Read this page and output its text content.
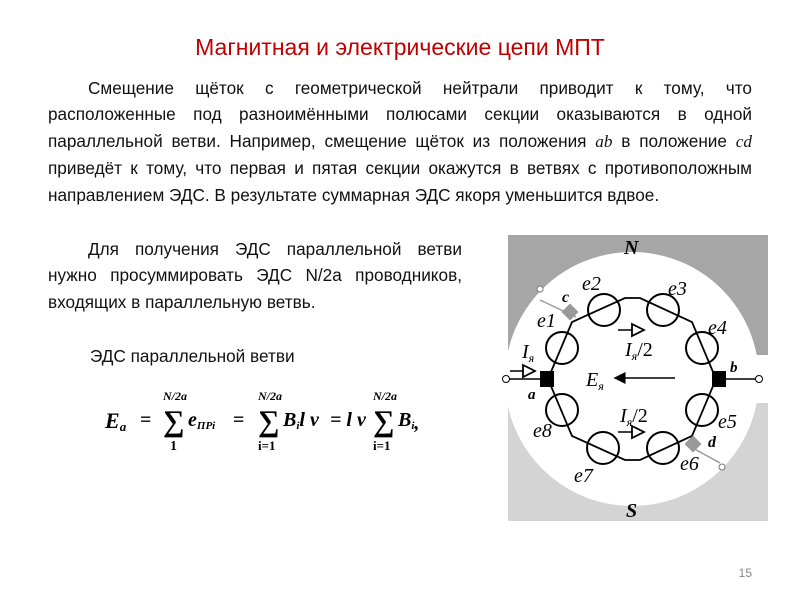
Магнитная и электрические цепи МПТ
Смещение щёток с геометрической нейтрали приводит к тому, что расположенные под разноимёнными полюсами секции оказываются в одной параллельной ветви. Например, смещение щёток из положения ab в положение cd приведёт к тому, что первая и пятая секции окажутся в ветвях с противоположным направлением ЭДС. В результате суммарная ЭДС якоря уменьшится вдвое.
Для получения ЭДС параллельной ветви нужно просуммировать ЭДС N/2a проводников, входящих в параллельную ветвь.
ЭДС параллельной ветви
Ea =
N/2a
∑
1
eПРi =
N/2a
∑
i=1
Bil v = l v
N/2a
∑
i=1
Bi,
N
S
c
d
a
b
e1
e2	e3
e4
e5
e6
e7
e8
$I_я$	$I_я/2$
$I_я/2$
$E_я$
15
